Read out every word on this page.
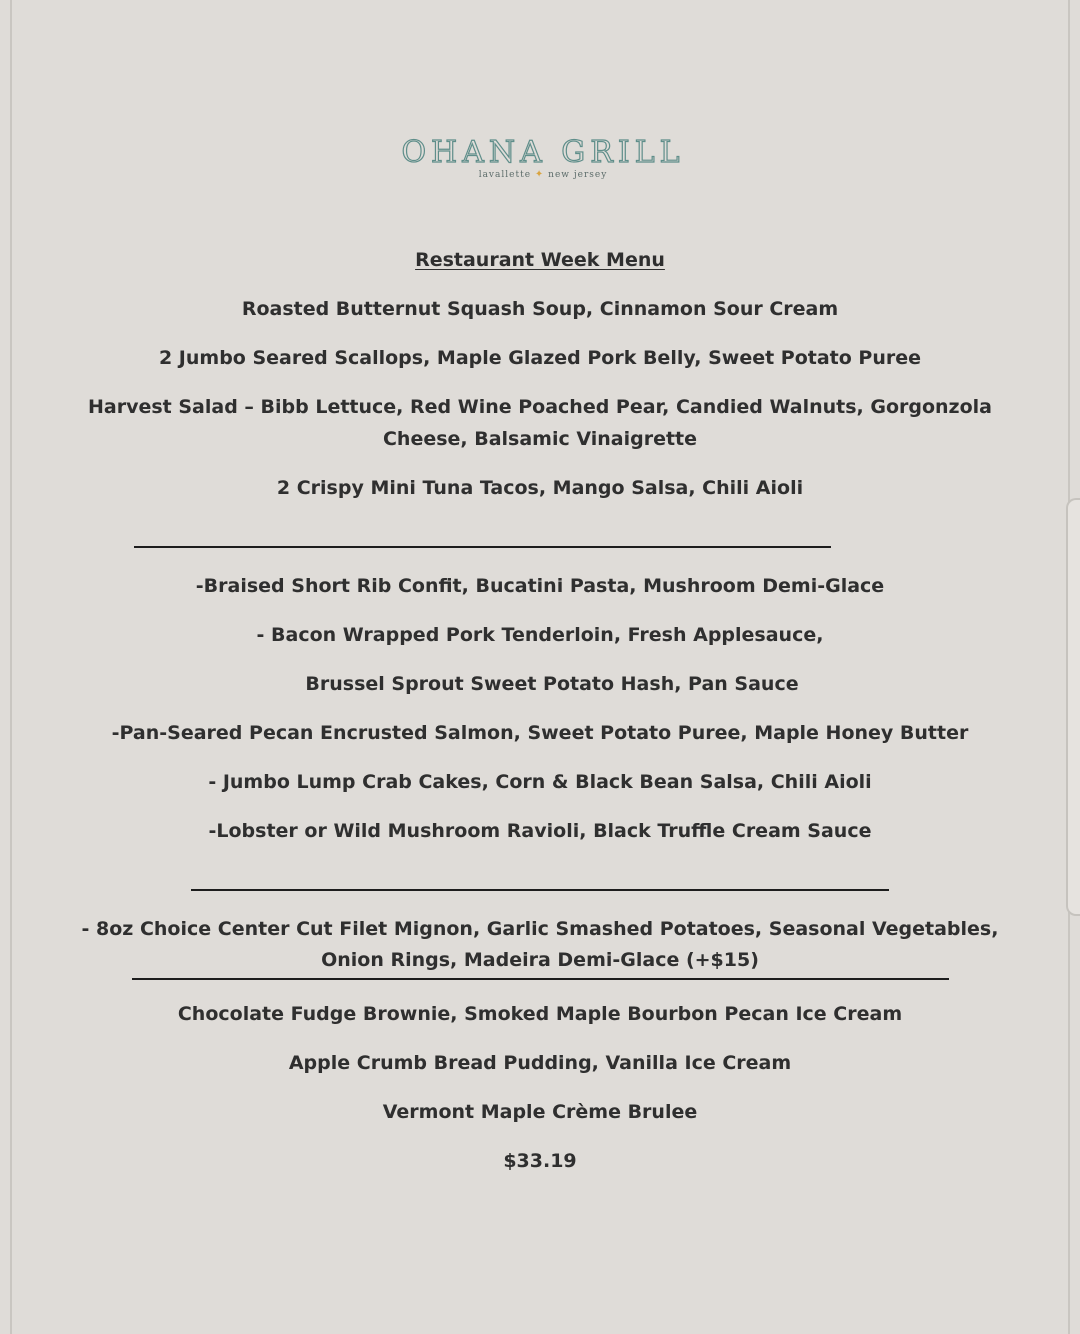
OHANA GRILL
lavallette ✦ new jersey
Restaurant Week Menu
Roasted Butternut Squash Soup, Cinnamon Sour Cream
2 Jumbo Seared Scallops, Maple Glazed Pork Belly, Sweet Potato Puree
Harvest Salad – Bibb Lettuce, Red Wine Poached Pear, Candied Walnuts, Gorgonzola
Cheese, Balsamic Vinaigrette
2 Crispy Mini Tuna Tacos, Mango Salsa, Chili Aioli
-Braised Short Rib Confit, Bucatini Pasta, Mushroom Demi-Glace
- Bacon Wrapped Pork Tenderloin, Fresh Applesauce,
Brussel Sprout Sweet Potato Hash, Pan Sauce
-Pan-Seared Pecan Encrusted Salmon, Sweet Potato Puree, Maple Honey Butter
- Jumbo Lump Crab Cakes, Corn & Black Bean Salsa, Chili Aioli
-Lobster or Wild Mushroom Ravioli, Black Truffle Cream Sauce
- 8oz Choice Center Cut Filet Mignon, Garlic Smashed Potatoes, Seasonal Vegetables,
Onion Rings, Madeira Demi-Glace (+$15)
Chocolate Fudge Brownie, Smoked Maple Bourbon Pecan Ice Cream
Apple Crumb Bread Pudding, Vanilla Ice Cream
Vermont Maple Crème Brulee
$33.19
